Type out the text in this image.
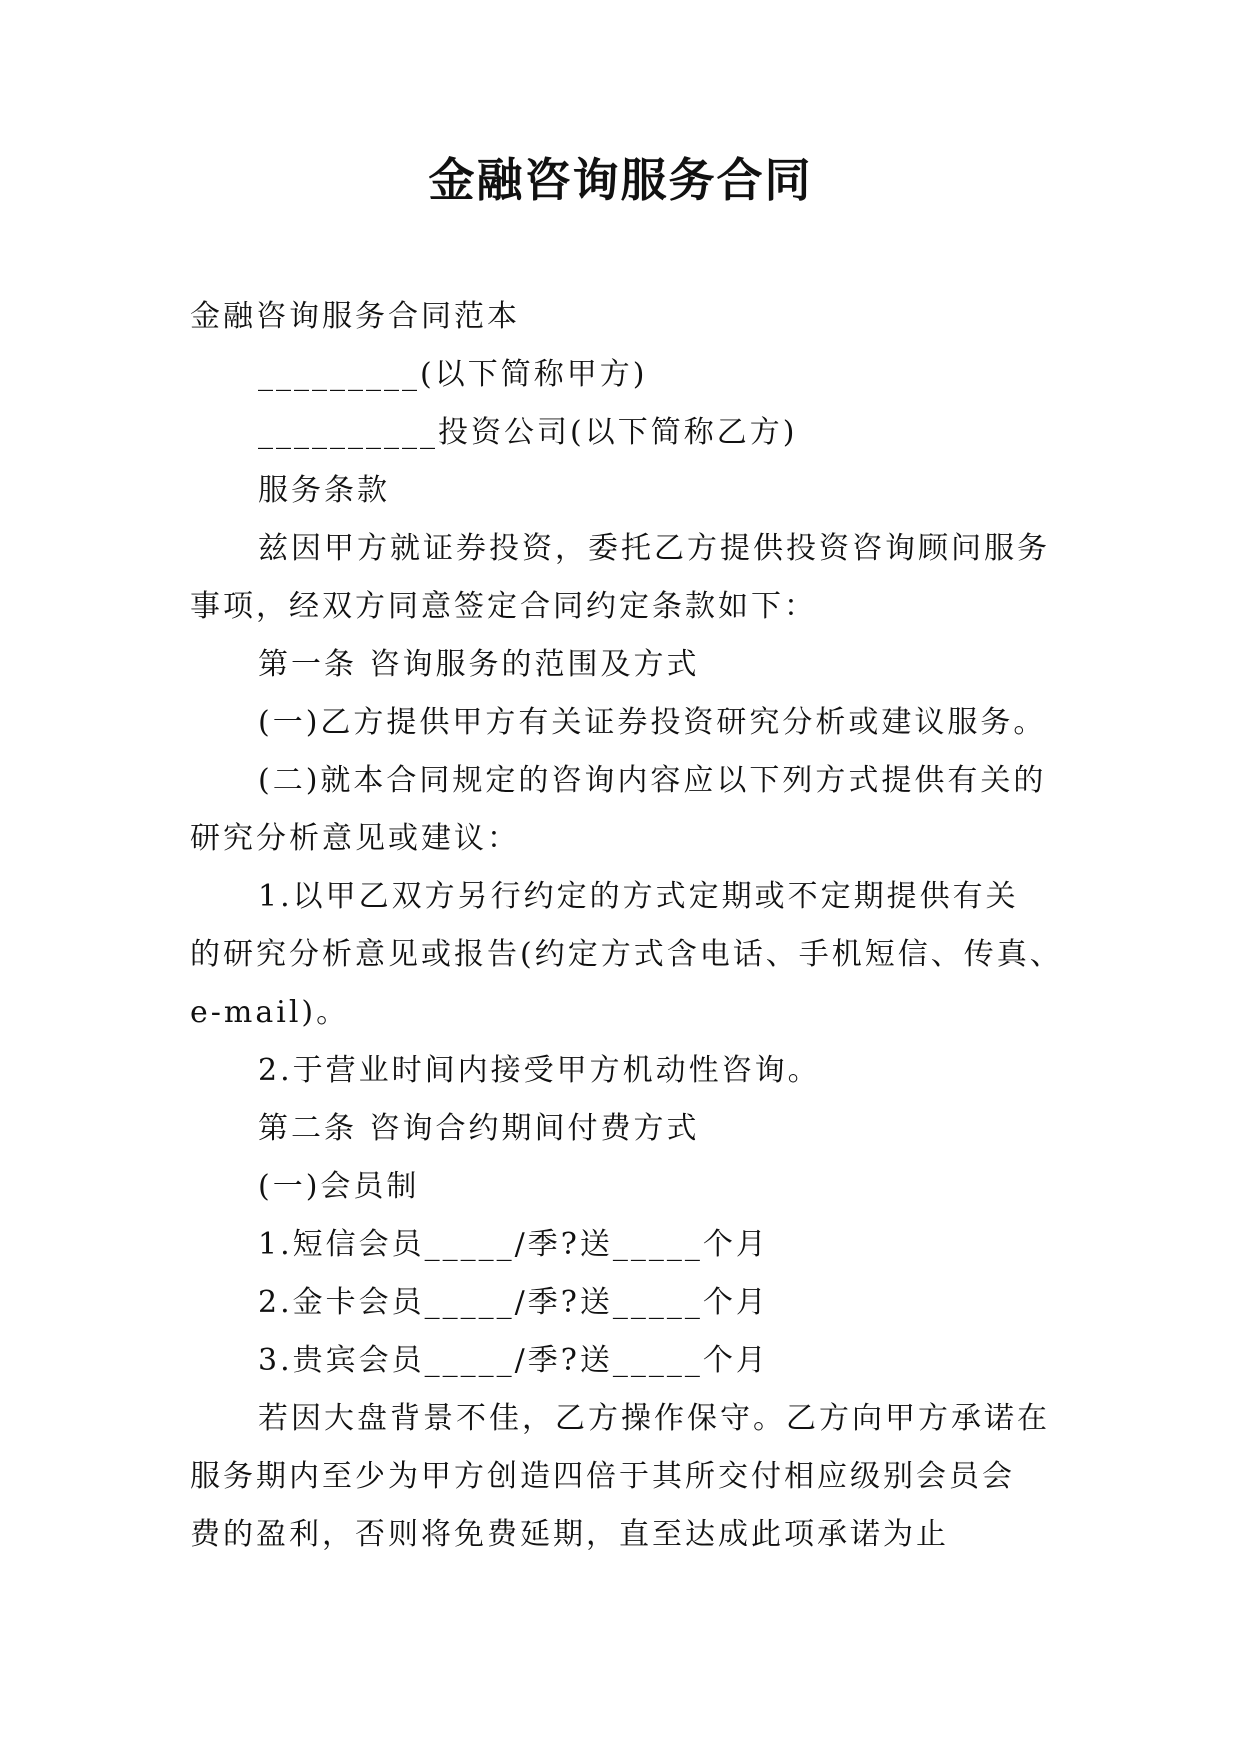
金融咨询服务合同

金融咨询服务合同范本

_________(以下简称甲方)

__________投资公司(以下简称乙方)

服务条款

兹因甲方就证券投资，委托乙方提供投资咨询顾问服务

事项，经双方同意签定合同约定条款如下：

第一条 咨询服务的范围及方式

(一)乙方提供甲方有关证券投资研究分析或建议服务。

(二)就本合同规定的咨询内容应以下列方式提供有关的

研究分析意见或建议：

1.以甲乙双方另行约定的方式定期或不定期提供有关

的研究分析意见或报告(约定方式含电话、手机短信、传真、

e-mail)。

2.于营业时间内接受甲方机动性咨询。

第二条 咨询合约期间付费方式

(一)会员制

1.短信会员_____/季?送_____个月

2.金卡会员_____/季?送_____个月

3.贵宾会员_____/季?送_____个月

若因大盘背景不佳，乙方操作保守。乙方向甲方承诺在

服务期内至少为甲方创造四倍于其所交付相应级别会员会

费的盈利，否则将免费延期，直至达成此项承诺为止
